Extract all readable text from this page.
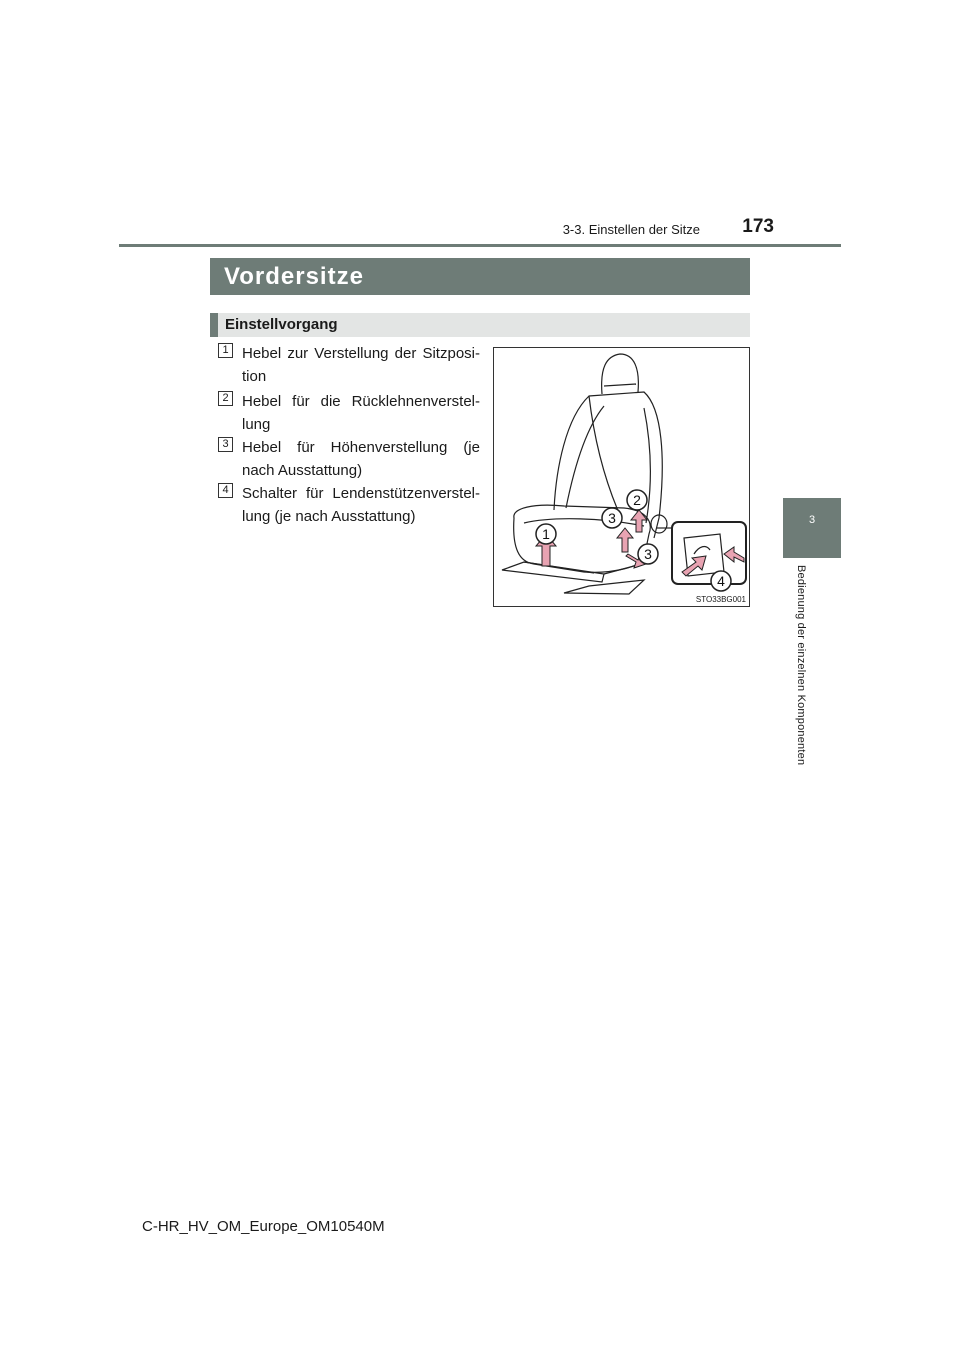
3-3. Einstellen der Sitze	173
3
Bedienung der einzelnen Komponenten
Vordersitze
Einstellvorgang
1 Hebel zur Verstellung der Sitzposi-tion
2 Hebel für die Rücklehnenverstel-lung
3 Hebel für Höhenverstellung (je nach Ausstattung)
4 Schalter für Lendenstützenverstel-lung (je nach Ausstattung)
1
2
3
3
4
STO33BG001
C-HR_HV_OM_Europe_OM10540M
